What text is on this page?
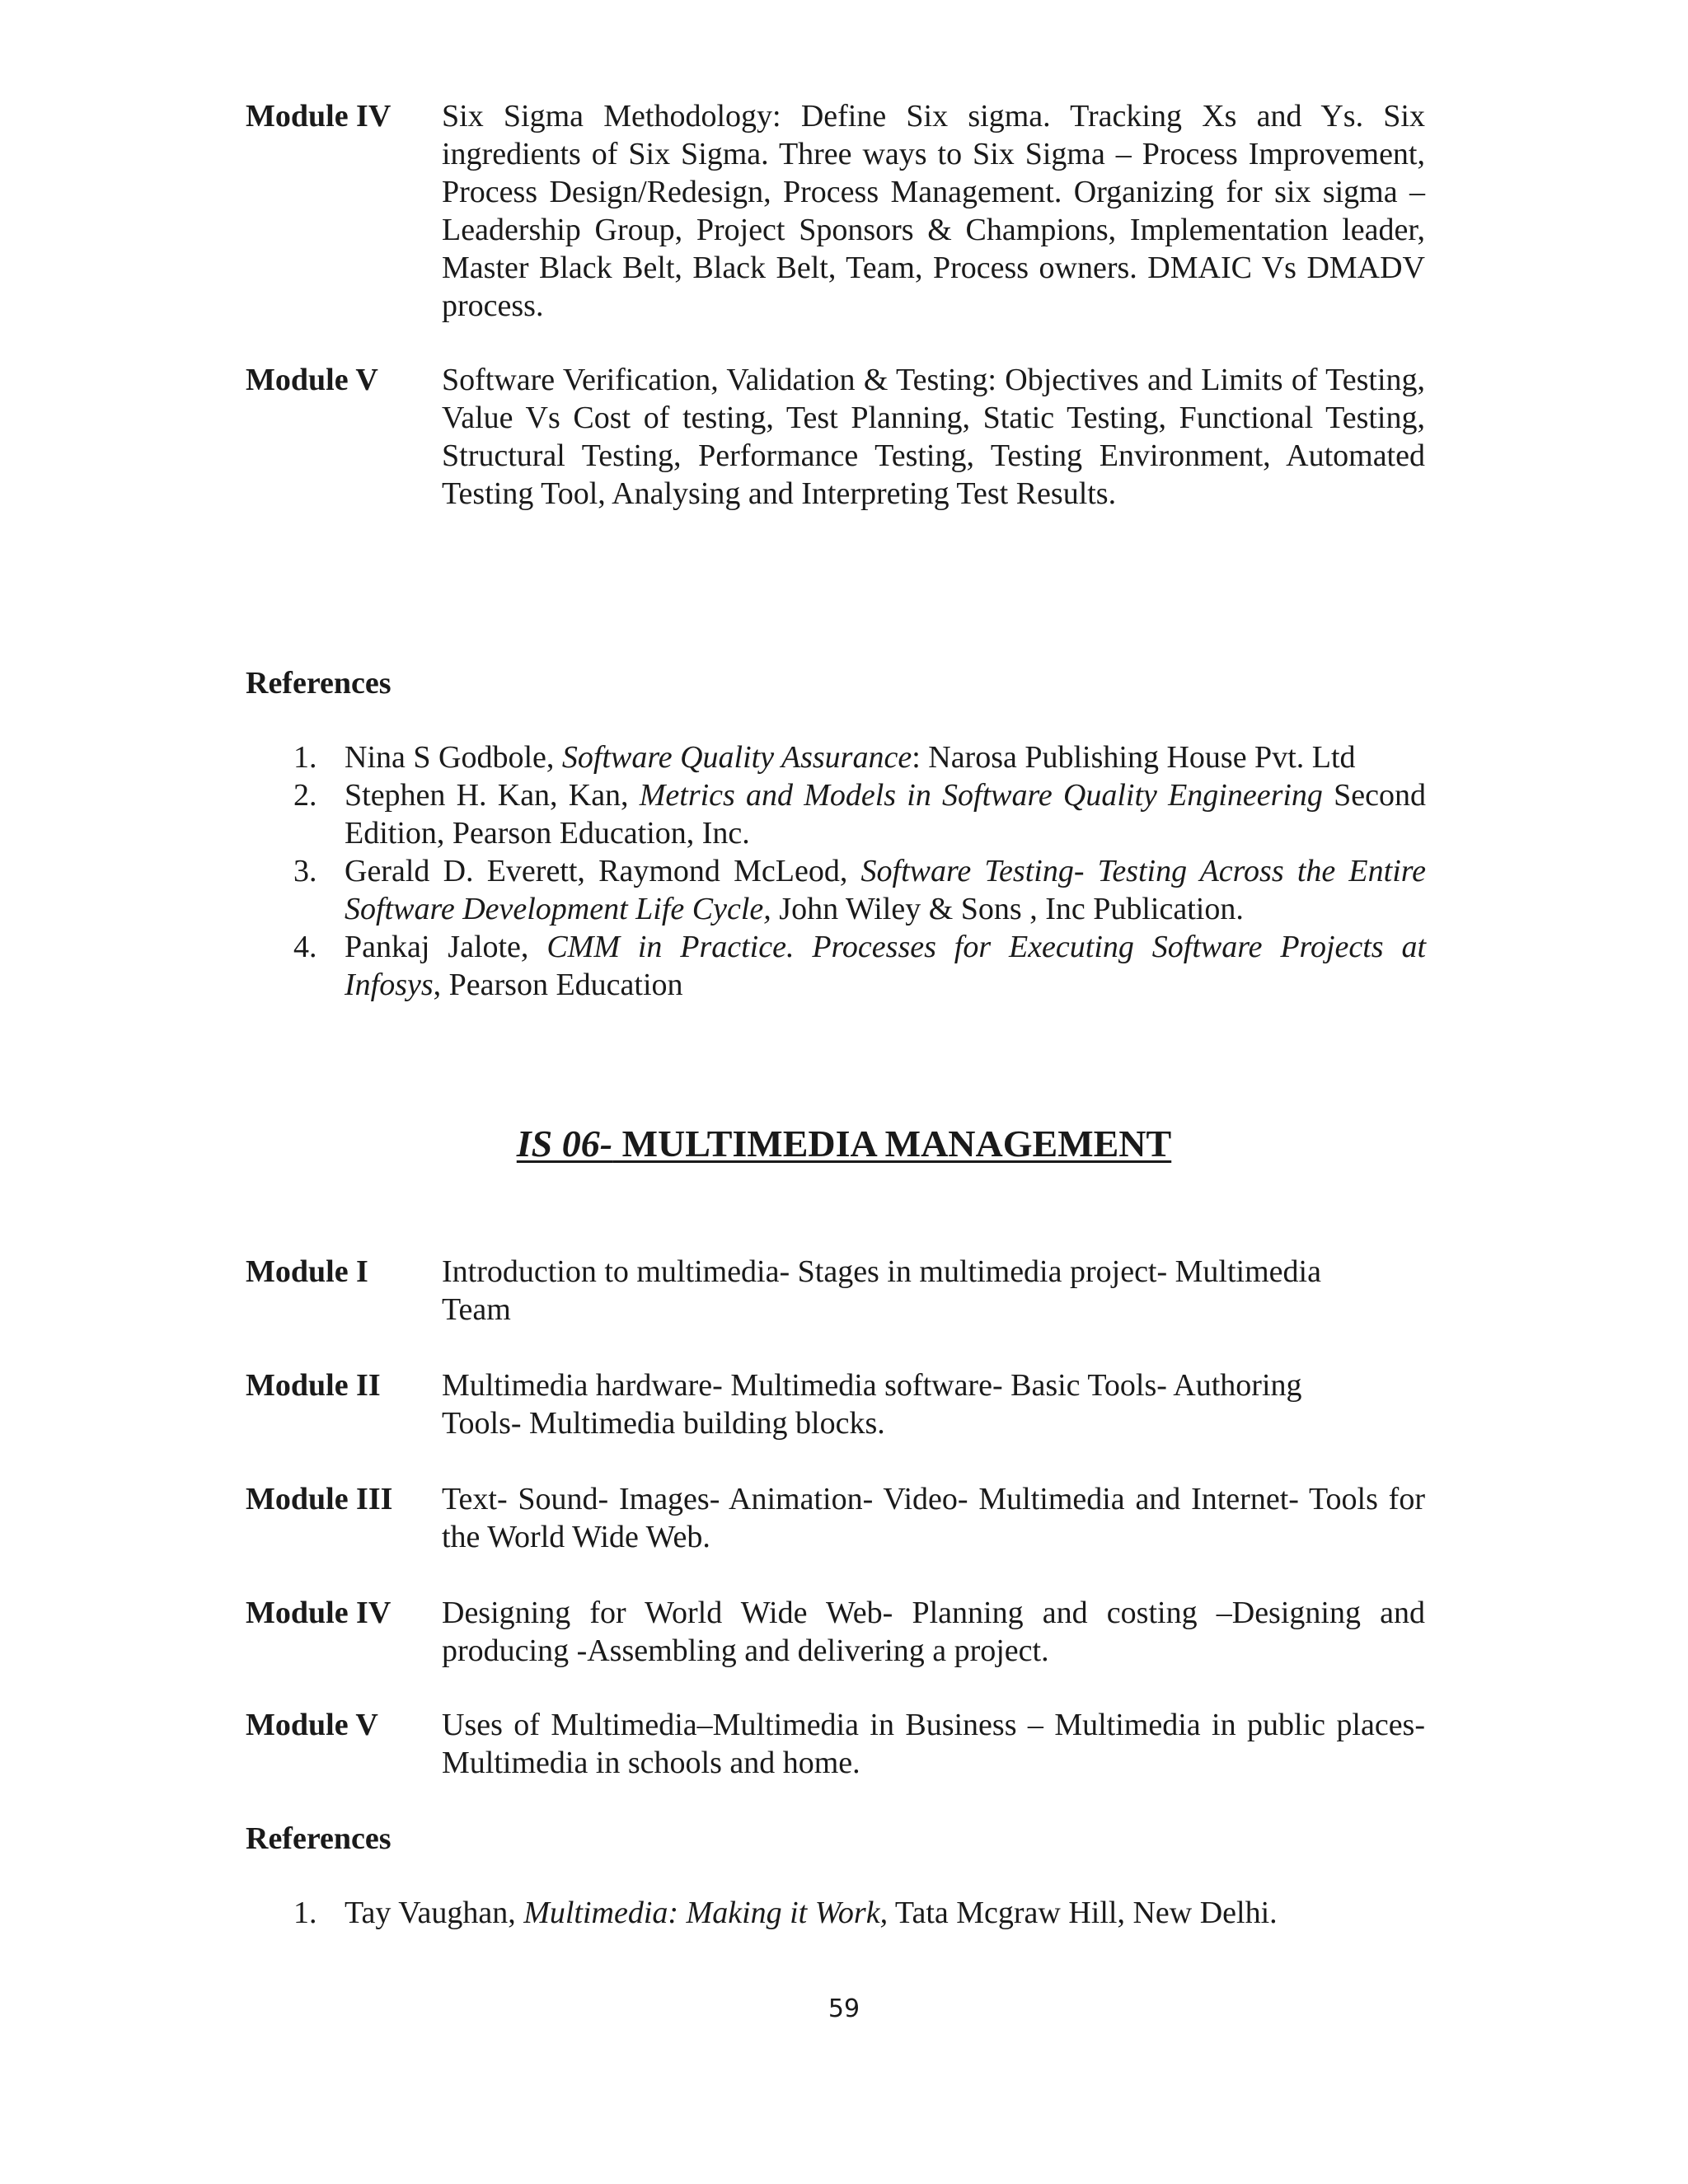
Module IV Six Sigma Methodology: Define Six sigma. Tracking Xs and Ys. Six ingredients of Six Sigma. Three ways to Six Sigma – Process Improvement, Process Design/Redesign, Process Management. Organizing for six sigma – Leadership Group, Project Sponsors & Champions, Implementation leader, Master Black Belt, Black Belt, Team, Process owners. DMAIC Vs DMADV process.
Module V Software Verification, Validation & Testing: Objectives and Limits of Testing, Value Vs Cost of testing, Test Planning, Static Testing, Functional Testing, Structural Testing, Performance Testing, Testing Environment, Automated Testing Tool, Analysing and Interpreting Test Results.
References
1. Nina S Godbole, Software Quality Assurance: Narosa Publishing House Pvt. Ltd
2. Stephen H. Kan, Kan, Metrics and Models in Software Quality Engineering Second Edition, Pearson Education, Inc.
3. Gerald D. Everett, Raymond McLeod, Software Testing- Testing Across the Entire Software Development Life Cycle, John Wiley & Sons , Inc Publication.
4. Pankaj Jalote, CMM in Practice. Processes for Executing Software Projects at Infosys, Pearson Education
IS 06- MULTIMEDIA MANAGEMENT
Module I Introduction to multimedia- Stages in multimedia project- Multimedia Team
Module II Multimedia hardware- Multimedia software- Basic Tools- Authoring Tools- Multimedia building blocks.
Module III Text- Sound- Images- Animation- Video- Multimedia and Internet- Tools for the World Wide Web.
Module IV Designing for World Wide Web- Planning and costing –Designing and producing -Assembling and delivering a project.
Module V Uses of Multimedia–Multimedia in Business – Multimedia in public places- Multimedia in schools and home.
References
1. Tay Vaughan, Multimedia: Making it Work, Tata Mcgraw Hill, New Delhi.
59
